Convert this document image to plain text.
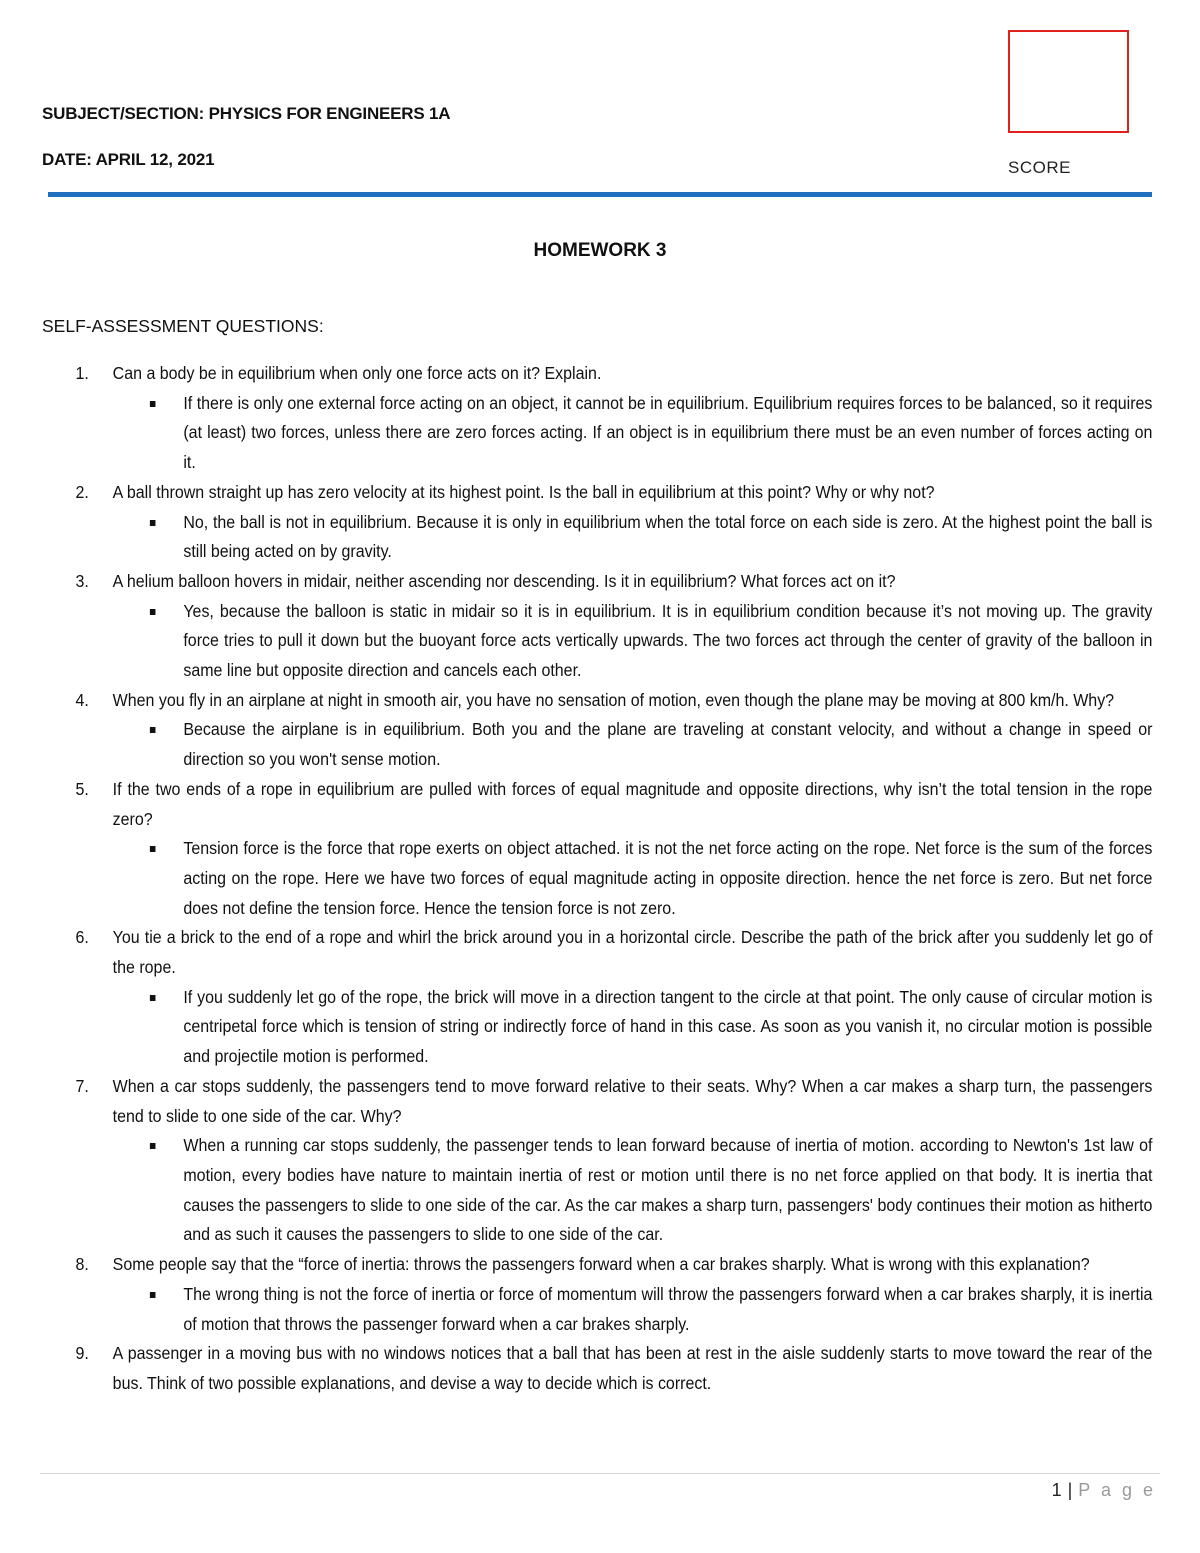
SUBJECT/SECTION: PHYSICS FOR ENGINEERS 1A
DATE: APRIL 12, 2021	SCORE
HOMEWORK 3
SELF-ASSESSMENT QUESTIONS:
1. Can a body be in equilibrium when only one force acts on it? Explain.
If there is only one external force acting on an object, it cannot be in equilibrium. Equilibrium requires forces to be balanced, so it requires (at least) two forces, unless there are zero forces acting. If an object is in equilibrium there must be an even number of forces acting on it.
2. A ball thrown straight up has zero velocity at its highest point. Is the ball in equilibrium at this point? Why or why not?
No, the ball is not in equilibrium. Because it is only in equilibrium when the total force on each side is zero. At the highest point the ball is still being acted on by gravity.
3. A helium balloon hovers in midair, neither ascending nor descending. Is it in equilibrium? What forces act on it?
Yes, because the balloon is static in midair so it is in equilibrium. It is in equilibrium condition because it’s not moving up. The gravity force tries to pull it down but the buoyant force acts vertically upwards. The two forces act through the center of gravity of the balloon in same line but opposite direction and cancels each other.
4. When you fly in an airplane at night in smooth air, you have no sensation of motion, even though the plane may be moving at 800 km/h. Why?
Because the airplane is in equilibrium. Both you and the plane are traveling at constant velocity, and without a change in speed or direction so you won't sense motion.
5. If the two ends of a rope in equilibrium are pulled with forces of equal magnitude and opposite directions, why isn’t the total tension in the rope zero?
Tension force is the force that rope exerts on object attached. it is not the net force acting on the rope. Net force is the sum of the forces acting on the rope. Here we have two forces of equal magnitude acting in opposite direction. hence the net force is zero. But net force does not define the tension force. Hence the tension force is not zero.
6. You tie a brick to the end of a rope and whirl the brick around you in a horizontal circle. Describe the path of the brick after you suddenly let go of the rope.
If you suddenly let go of the rope, the brick will move in a direction tangent to the circle at that point. The only cause of circular motion is centripetal force which is tension of string or indirectly force of hand in this case. As soon as you vanish it, no circular motion is possible and projectile motion is performed.
7. When a car stops suddenly, the passengers tend to move forward relative to their seats. Why? When a car makes a sharp turn, the passengers tend to slide to one side of the car. Why?
When a running car stops suddenly, the passenger tends to lean forward because of inertia of motion. according to Newton's 1st law of motion, every bodies have nature to maintain inertia of rest or motion until there is no net force applied on that body. It is inertia that causes the passengers to slide to one side of the car. As the car makes a sharp turn, passengers' body continues their motion as hitherto and as such it causes the passengers to slide to one side of the car.
8. Some people say that the “force of inertia: throws the passengers forward when a car brakes sharply. What is wrong with this explanation?
The wrong thing is not the force of inertia or force of momentum will throw the passengers forward when a car brakes sharply, it is inertia of motion that throws the passenger forward when a car brakes sharply.
9. A passenger in a moving bus with no windows notices that a ball that has been at rest in the aisle suddenly starts to move toward the rear of the bus. Think of two possible explanations, and devise a way to decide which is correct.
1 | P a g e
